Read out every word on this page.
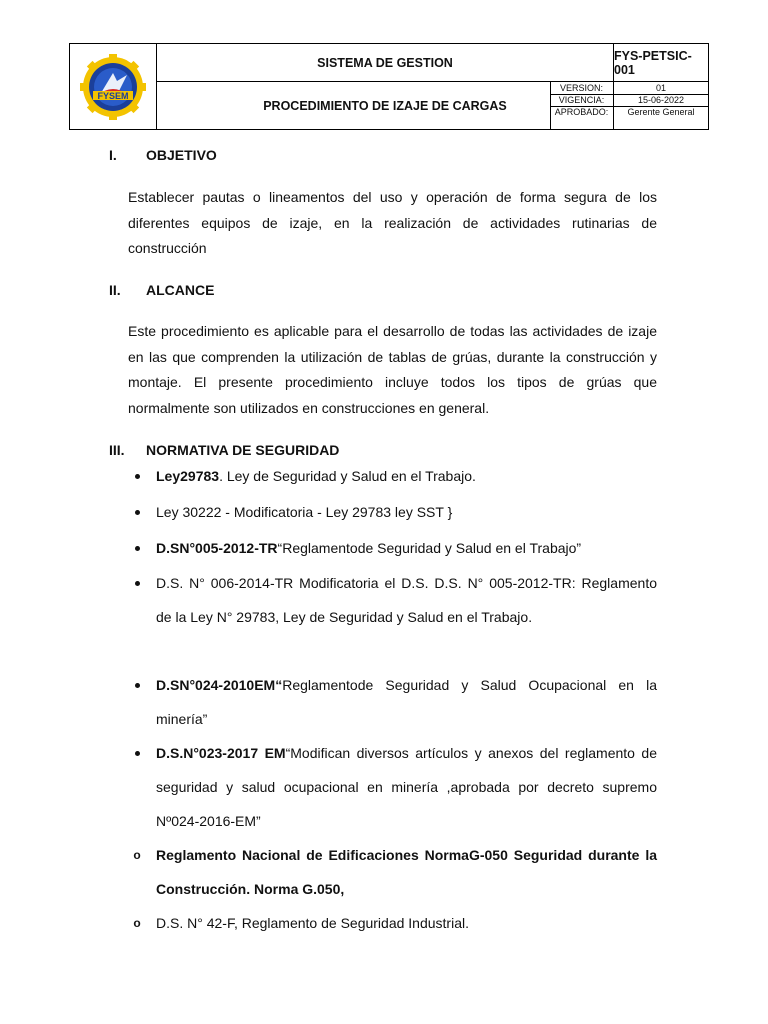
FYSEM
SISTEMA DE GESTION
PROCEDIMIENTO DE IZAJE DE CARGAS
FYS-PETSIC-001
VERSION:	01
VIGENCIA:	15-06-2022
APROBADO:	Gerente General
I. OBJETIVO
Establecer pautas o lineamentos del uso y operación de forma segura de los diferentes equipos de izaje, en la realización de actividades rutinarias de construcción
II. ALCANCE
Este procedimiento es aplicable para el desarrollo de todas las actividades de izaje en las que comprenden la utilización de tablas de grúas, durante la construcción y montaje. El presente procedimiento incluye todos los tipos de grúas que normalmente son utilizados en construcciones en general.
III. NORMATIVA DE SEGURIDAD
Ley29783. Ley de Seguridad y Salud en el Trabajo.
Ley 30222 - Modificatoria - Ley 29783 ley SST }
D.SN°005-2012-TR“Reglamentode Seguridad y Salud en el Trabajo”
D.S. N° 006-2014-TR Modificatoria el D.S. D.S. N° 005-2012-TR: Reglamento de la Ley N° 29783, Ley de Seguridad y Salud en el Trabajo.
D.SN°024-2010EM“Reglamentode Seguridad y Salud Ocupacional en la minería”
D.S.N°023-2017 EM“Modifican diversos artículos y anexos del reglamento de seguridad y salud ocupacional en minería ,aprobada por decreto supremo Nº024-2016-EM”
o Reglamento Nacional de Edificaciones NormaG-050 Seguridad durante la Construcción. Norma G.050,
o D.S. N° 42-F, Reglamento de Seguridad Industrial.
